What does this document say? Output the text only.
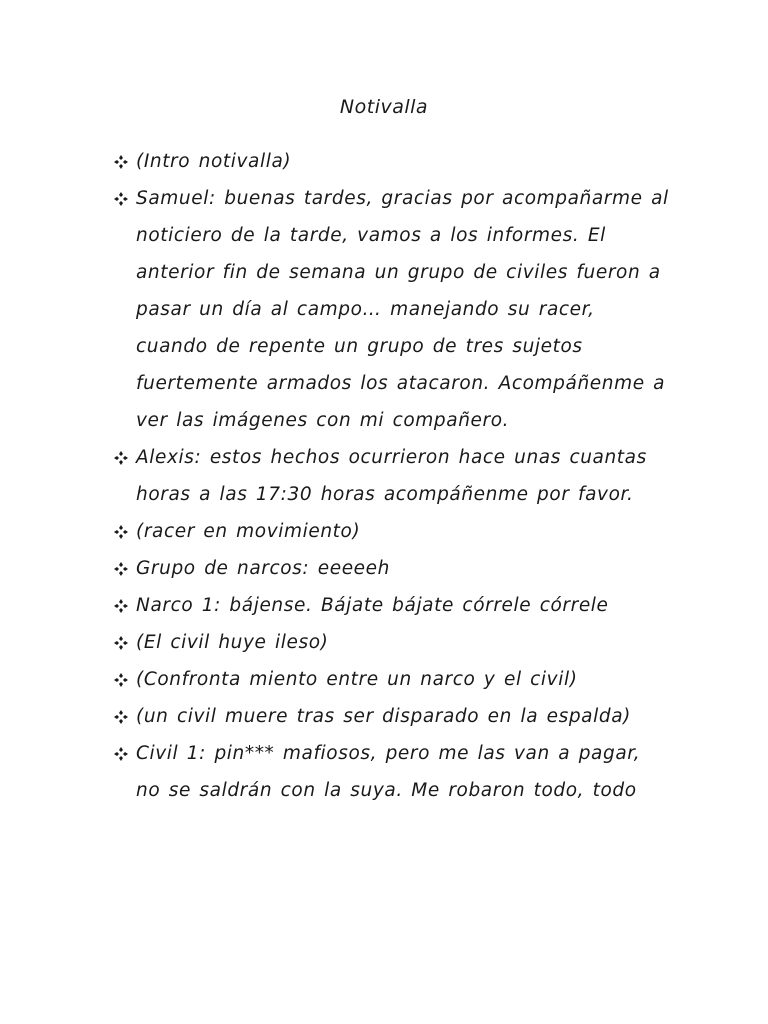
Notivalla
(Intro notivalla)
Samuel: buenas tardes, gracias por acompañarme al noticiero de la tarde, vamos a los informes. El anterior fin de semana un grupo de civiles fueron a pasar un día al campo… manejando su racer, cuando de repente un grupo de tres sujetos fuertemente armados los atacaron. Acompáñenme a ver las imágenes con mi compañero.
Alexis: estos hechos ocurrieron hace unas cuantas horas a las 17:30 horas acompáñenme por favor.
(racer en movimiento)
Grupo de narcos: eeeeeh
Narco 1: bájense. Bájate bájate córrele córrele
(El civil huye ileso)
(Confronta miento entre un narco y el civil)
(un civil muere tras ser disparado en la espalda)
Civil 1: pin*** mafiosos, pero me las van a pagar, no se saldrán con la suya. Me robaron todo, todo
